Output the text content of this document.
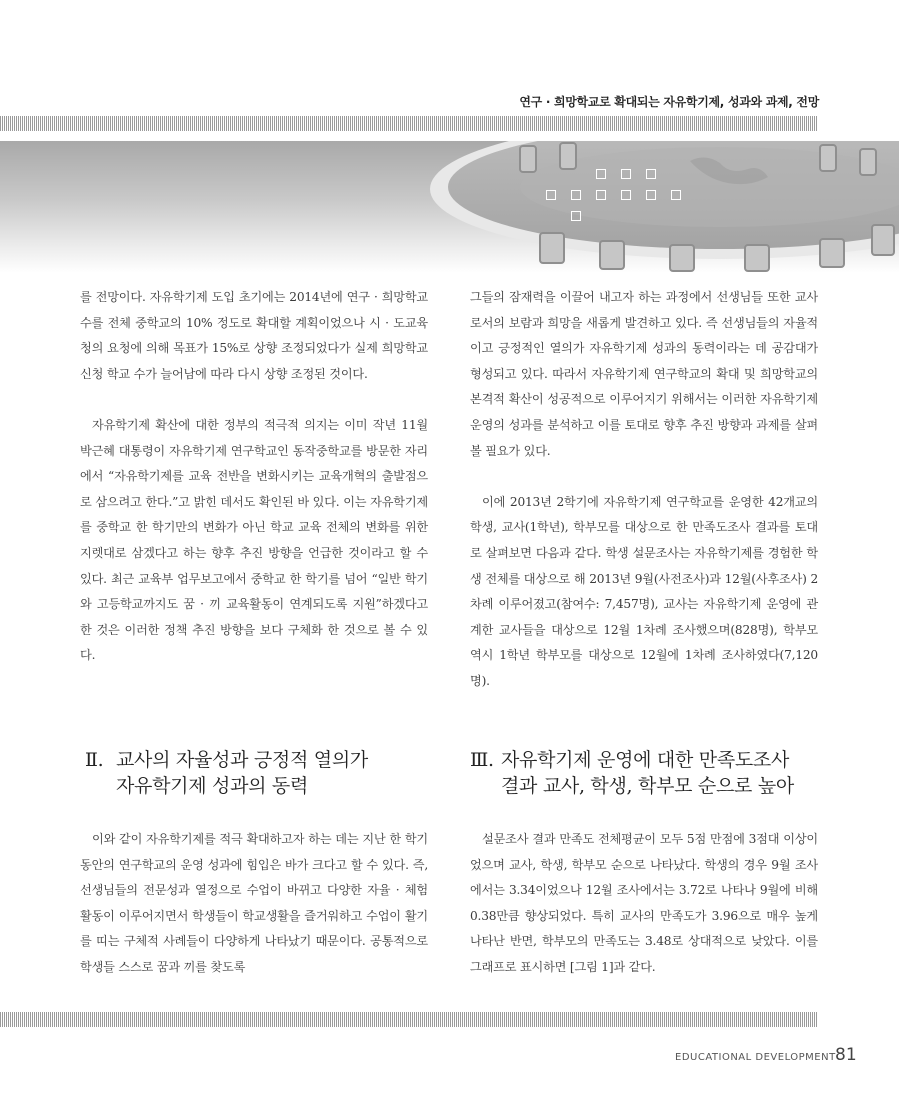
연구 · 희망학교로 확대되는 자유학기제, 성과와 과제, 전망

를 전망이다. 자유학기제 도입 초기에는 2014년에 연구 · 희망학교 수를 전체 중학교의 10% 정도로 확대할 계획이었으나 시 · 도교육청의 요청에 의해 목표가 15%로 상향 조정되었다가 실제 희망학교 신청 학교 수가 늘어남에 따라 다시 상향 조정된 것이다.

자유학기제 확산에 대한 정부의 적극적 의지는 이미 작년 11월 박근혜 대통령이 자유학기제 연구학교인 동작중학교를 방문한 자리에서 “자유학기제를 교육 전반을 변화시키는 교육개혁의 출발점으로 삼으려고 한다.”고 밝힌 데서도 확인된 바 있다. 이는 자유학기제를 중학교 한 학기만의 변화가 아닌 학교 교육 전체의 변화를 위한 지렛대로 삼겠다고 하는 향후 추진 방향을 언급한 것이라고 할 수 있다. 최근 교육부 업무보고에서 중학교 한 학기를 넘어 “일반 학기와 고등학교까지도 꿈 · 끼 교육활동이 연계되도록 지원”하겠다고 한 것은 이러한 정책 추진 방향을 보다 구체화 한 것으로 볼 수 있다.

그들의 잠재력을 이끌어 내고자 하는 과정에서 선생님들 또한 교사로서의 보람과 희망을 새롭게 발견하고 있다. 즉 선생님들의 자율적이고 긍정적인 열의가 자유학기제 성과의 동력이라는 데 공감대가 형성되고 있다. 따라서 자유학기제 연구학교의 확대 및 희망학교의 본격적 확산이 성공적으로 이루어지기 위해서는 이러한 자유학기제 운영의 성과를 분석하고 이를 토대로 향후 추진 방향과 과제를 살펴볼 필요가 있다.

이에 2013년 2학기에 자유학기제 연구학교를 운영한 42개교의 학생, 교사(1학년), 학부모를 대상으로 한 만족도조사 결과를 토대로 살펴보면 다음과 같다. 학생 설문조사는 자유학기제를 경험한 학생 전체를 대상으로 해 2013년 9월(사전조사)과 12월(사후조사) 2차례 이루어졌고(참여수: 7,457명), 교사는 자유학기제 운영에 관계한 교사들을 대상으로 12월 1차례 조사했으며(828명), 학부모 역시 1학년 학부모를 대상으로 12월에 1차례 조사하였다(7,120명).

Ⅱ. 교사의 자율성과 긍정적 열의가
자유학기제 성과의 동력
Ⅲ. 자유학기제 운영에 대한 만족도조사
결과 교사, 학생, 학부모 순으로 높아

이와 같이 자유학기제를 적극 확대하고자 하는 데는 지난 한 학기 동안의 연구학교의 운영 성과에 힘입은 바가 크다고 할 수 있다. 즉, 선생님들의 전문성과 열정으로 수업이 바뀌고 다양한 자율 · 체험 활동이 이루어지면서 학생들이 학교생활을 즐거워하고 수업이 활기를 띠는 구체적 사례들이 다양하게 나타났기 때문이다. 공통적으로 학생들 스스로 꿈과 끼를 찾도록

설문조사 결과 만족도 전체평균이 모두 5점 만점에 3점대 이상이었으며 교사, 학생, 학부모 순으로 나타났다. 학생의 경우 9월 조사에서는 3.34이었으나 12월 조사에서는 3.72로 나타나 9월에 비해 0.38만큼 향상되었다. 특히 교사의 만족도가 3.96으로 매우 높게 나타난 반면, 학부모의 만족도는 3.48로 상대적으로 낮았다. 이를 그래프로 표시하면 [그림 1]과 같다.

EDUCATIONAL DEVELOPMENT 81
